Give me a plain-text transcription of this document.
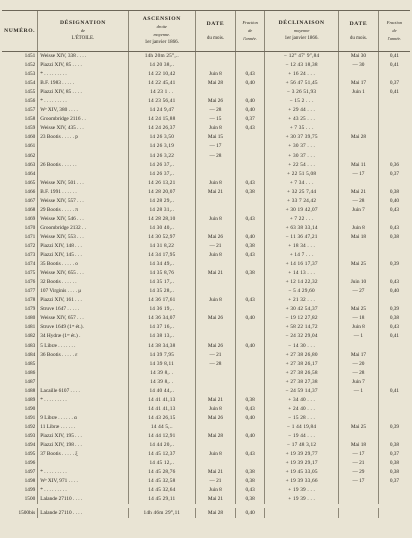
NUMÉRO.	DÉSIGNATION
de
L'ÉTOILE.	ASCENSION
droite
moyenne.
1er janvier 1866.	DATE

du mois.	Fraction
de
l'année.	DÉCLINAISON
moyenne
1er janvier 1866.	DATE

du mois.	Fraction
de
l'année.
1451	Weisse XIV, 338 . . . .	14h 20m 25°,..			− 12° 47′ 9″,84	Mai 30	0,41
1452	Piazzi XIV, 85 . . . .	14 20 38,..			− 12 43 18,38	— 30	0,41
1453	* . . . . . . . . .	14 22 10,42	Juin 8	0,43	+ 16 24 . . .		
1454	B.F. 1983 . . . . .	14 22 45,41	Mai 28	0,40	+ 56 47 51,45	Mai 17	0,37
1455	Piazzi XIV, 85 . . . .	14 23 1 . .			− 3 26 51,93	Juin 1	0,41
1456	* . . . . . . . . .	14 23 56,41	Mai 26	0,40	− 15 2 . . .		
1457	Wᵉ XIV, 380 . . . .	14 24 9,47	— 28	0,40	+ 29 44 . . .		
1458	Groombridge 2116 . .	14 24 15,88	— 15	0,37	+ 43 25 . . .		
1459	Weisse XIV, 435 . . .	14 24 26,37	Juin 8	0,43	+ 7 35 . . .		
1460	23 Bootis . . . . . p	14 26 3,50	Mai 15		+ 30 37 39,75	Mai 28	
1461		14 26 3,19	— 17		+ 30 37 . . .		
1462		14 26 3,22	— 28		+ 30 37 . . .		
1463	26 Bootis . . . . . .	14 26 37,..			+ 22 54 . . .	Mai 11	0,36
1464		14 26 37,..			+ 22 51 5,08	— 17	0,37
1465	Weisse XIV, 501 . . .	14 26 13,21	Juin 8	0,43	+ 7 34 . . .		
1466	B.F. 1991 . . . . . .	14 28 20,07	Mai 21	0,38	+ 32 25 7,44	Mai 21	0,38
1467	Weisse XIV, 557 . . .	14 28 29,..			+ 33 7 24,42	— 28	0,40
1468	29 Bootis . . . . . π	14 28 31,..			+ 30 19 42,07	Juin 7	0,43
1469	Weisse XIV, 546 . . .	14 28 28,10	Juin 8	0,43	+ 7 22 . . .		
1470	Groombridge 2132 . .	14 30 40,..			+ 63 38 33,14	Juin 8	0,43
1471	Weisse XIV, 553 . . .	14 30 52,97	Mai 26	0,40	− 11 36 47,21	Mai 18	0,38
1472	Piazzi XIV, 148 . . .	14 31 8,22	— 21	0,38	+ 18 34 . . .		
1473	Piazzi XIV, 145 . . .	14 34 17,95	Juin 8	0,43	+ 14 7 . . .		
1474	35 Bootis . . . . . ο	14 34 49,..			+ 14 16 17,37	Mai 25	0,39
1475	Weisse XIV, 655 . . .	14 35 8,76	Mai 21	0,38	+ 14 13 . . .		
1476	32 Bootis . . . . . .	14 35 17,..			+ 12 14 22,32	Juin 10	0,43
1477	107 Virginis . . . . μ	14 35 28,..			− 5 4 29,60	— 27	0,40
1478	Piazzi XIV, 161 . . .	14 36 17,61	Juin 8	0,43	+ 21 32 . . .		
1479	Struve 1647 . . . . .	14 36 19,..			+ 30 42 54,37	Mai 25	0,39
1480	Weisse XIV, 657 . . .	14 36 34,07	Mai 26	0,40	− 19 12 27,82	— 18	0,38
1481	Struve 1649 (1ʳᵉ ét.).	14 37 16,..			+ 58 22 14,72	Juin 8	0,43
1482	34 Hydræ (1ʳᵉ ét.) .	14 38 13,..			− 24 32 29,04	— 1	0,41
1483	5 Libræ . . . . . . .	14 38 34,38	Mai 26	0,40	− 14 30 . . .		
1484	36 Bootis . . . . . ε	14 39 7,95	— 21		+ 27 38 26,80	Mai 17	
1485		14 39 8,11	— 28		+ 27 38 26,17	— 20	
1486		14 39 8,. .			+ 27 38 26,58	— 28	
1487		14 39 8,. .			+ 27 38 27,38	Juin 7	
1488	Lacaille 6107 . . . .	14 40 44,..			− 24 59 14,37	— 1	0,41
1489	* . . . . . . . . .	14 41 41,13	Mai 21	0,38	+ 34 40 . . .		
1490		14 41 41,13	Juin 8	0,43	+ 24 40 . . .		
1491	9 Libræ . . . . . . α	14 43 26,15	Mai 26	0,40	− 15 28 . . .		
1492	11 Libræ . . . . . .	14 44 5,..			− 1 44 19,84	Mai 25	0,39
1493	Piazzi XIV, 195 . . .	14 44 12,91	Mai 28	0,40	− 19 44 . . .		
1494	Piazzi XIV, 198 . . .	14 44 20,..			− 17 48 3,12	Mai 18	0,38
1495	37 Bootis . . . . . ξ	14 45 12,37	Juin 8	0,43	+ 19 39 29,77	— 17	0,37
1496		14 45 12,..			+ 19 39 29,17	— 21	0,38
1497	* . . . . . . . . .	14 45 28,76	Mai 21	0,38	+ 19 45 33,05	— 29	0,38
1498	Wᵉ XIV, 971 . . . .	14 45 32,58	— 21	0,38	+ 19 39 33,66	— 17	0,37
1499	* . . . . . . . . .	14 45 32,64	Juin 8	0,43	+ 19 39 . . .		
1500	Lalande 27110 . . . .	14 45 29,11	Mai 21	0,38	+ 19 39 . . .		
1500bis	Lalande 27110 . . . .	14h 46m 29°,11	Mai 28	0,40			
